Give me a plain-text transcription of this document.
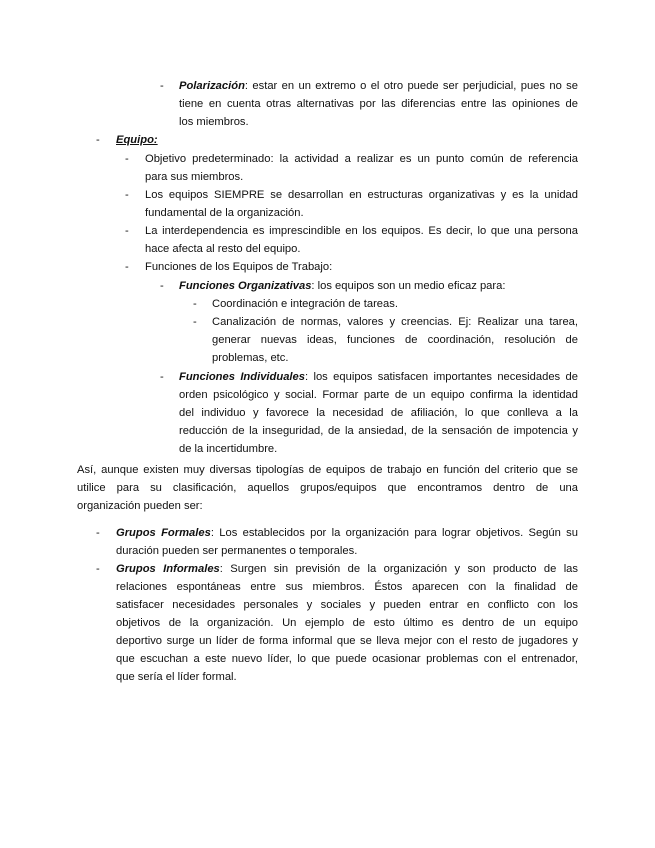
- Polarización: estar en un extremo o el otro puede ser perjudicial, pues no se
tiene en cuenta otras alternativas por las diferencias entre las opiniones de
los miembros.
- Equipo:
- Objetivo predeterminado: la actividad a realizar es un punto común de referencia
para sus miembros.
- Los equipos SIEMPRE se desarrollan en estructuras organizativas y es la unidad
fundamental de la organización.
- La interdependencia es imprescindible en los equipos. Es decir, lo que una persona
hace afecta al resto del equipo.
- Funciones de los Equipos de Trabajo:
- Funciones Organizativas: los equipos son un medio eficaz para:
- Coordinación e integración de tareas.
- Canalización de normas, valores y creencias. Ej: Realizar una tarea,
generar nuevas ideas, funciones de coordinación, resolución de
problemas, etc.
- Funciones Individuales: los equipos satisfacen importantes necesidades de
orden psicológico y social. Formar parte de un equipo confirma la identidad
del individuo y favorece la necesidad de afiliación, lo que conlleva a la
reducción de la inseguridad, de la ansiedad, de la sensación de impotencia y
de la incertidumbre.
Así, aunque existen muy diversas tipologías de equipos de trabajo en función del criterio que se
utilice para su clasificación, aquellos grupos/equipos que encontramos dentro de una
organización pueden ser:
- Grupos Formales: Los establecidos por la organización para lograr objetivos. Según su
duración pueden ser permanentes o temporales.
- Grupos Informales: Surgen sin previsión de la organización y son producto de las
relaciones espontáneas entre sus miembros. Éstos aparecen con la finalidad de
satisfacer necesidades personales y sociales y pueden entrar en conflicto con los
objetivos de la organización. Un ejemplo de esto último es dentro de un equipo
deportivo surge un líder de forma informal que se lleva mejor con el resto de jugadores y
que escuchan a este nuevo líder, lo que puede ocasionar problemas con el entrenador,
que sería el líder formal.
